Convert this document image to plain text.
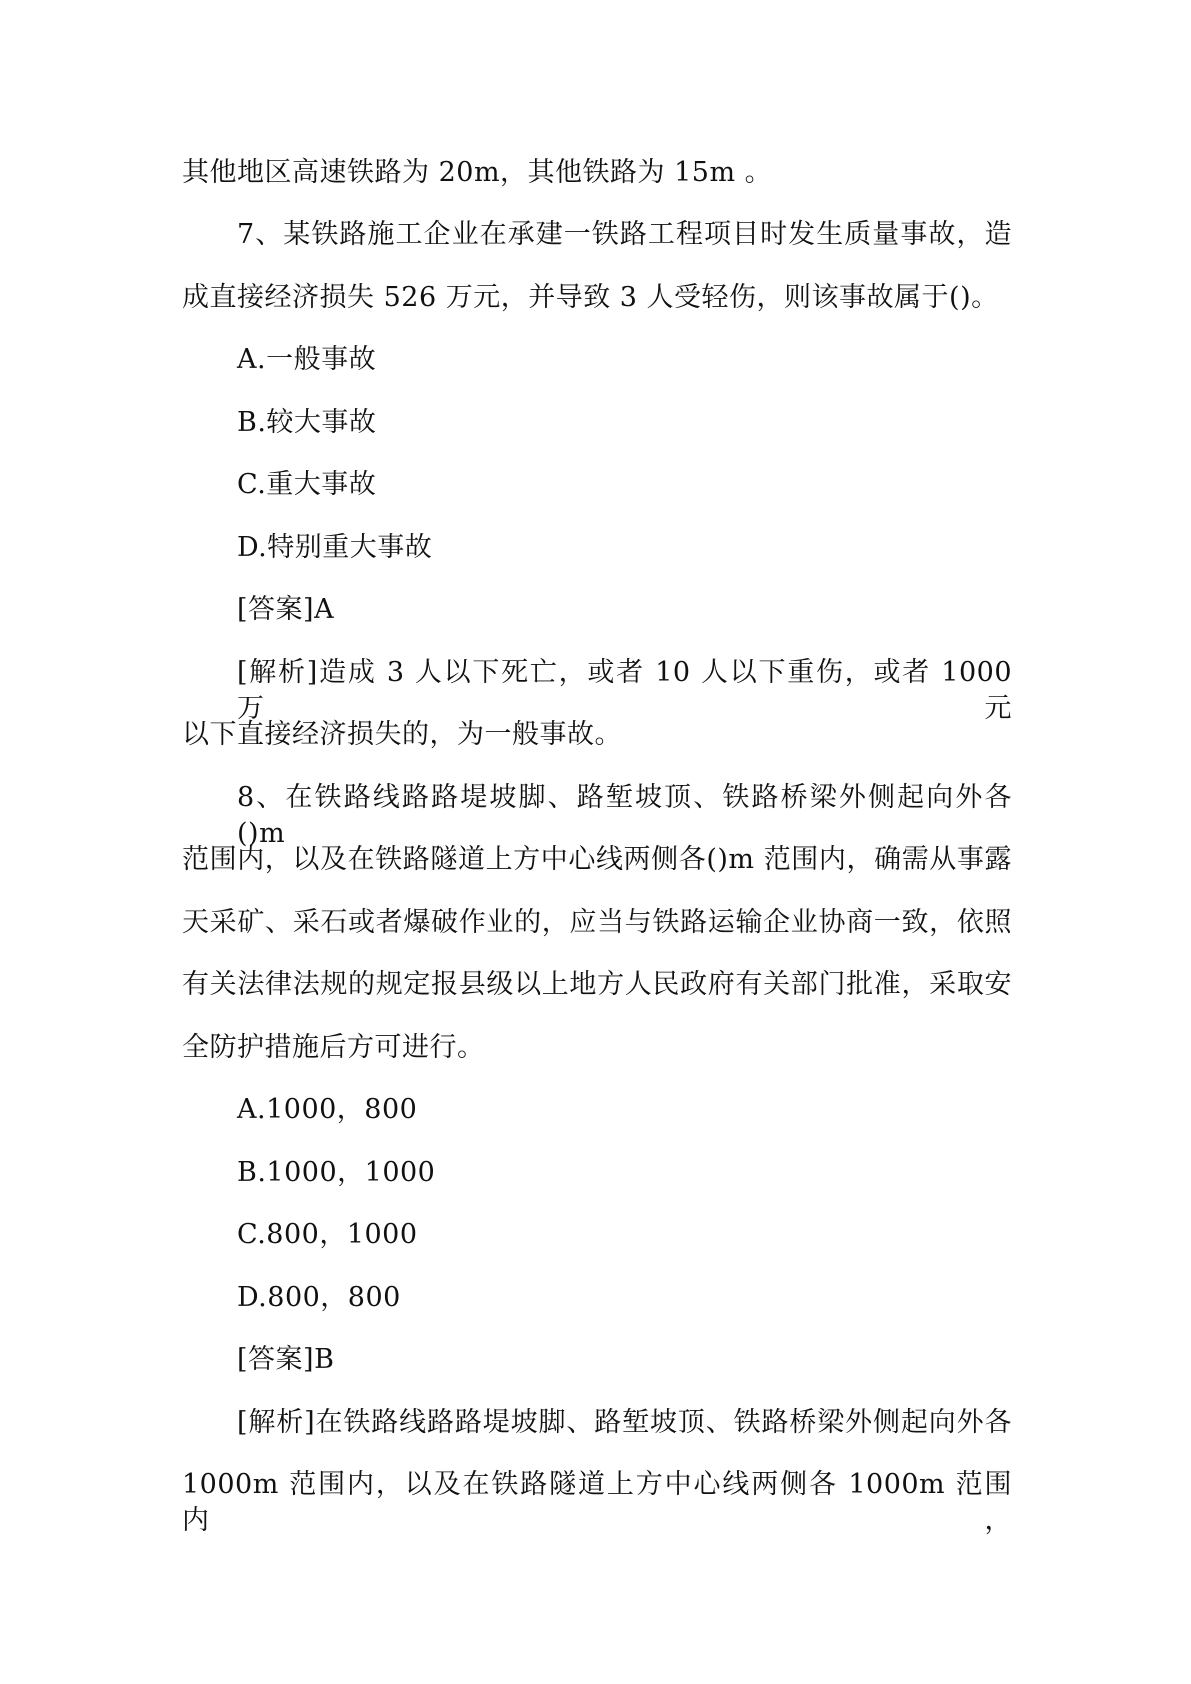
其他地区高速铁路为 20m，其他铁路为 15m 。
7、某铁路施工企业在承建一铁路工程项目时发生质量事故，造
成直接经济损失 526 万元，并导致 3 人受轻伤，则该事故属于()。
A.一般事故
B.较大事故
C.重大事故
D.特别重大事故
[答案]A
[解析]造成 3 人以下死亡，或者 10 人以下重伤，或者 1000 万元
以下直接经济损失的，为一般事故。
8、在铁路线路路堤坡脚、路堑坡顶、铁路桥梁外侧起向外各()m
范围内，以及在铁路隧道上方中心线两侧各()m 范围内，确需从事露
天采矿、采石或者爆破作业的，应当与铁路运输企业协商一致，依照
有关法律法规的规定报县级以上地方人民政府有关部门批准，采取安
全防护措施后方可进行。
A.1000，800
B.1000，1000
C.800，1000
D.800，800
[答案]B
[解析]在铁路线路路堤坡脚、路堑坡顶、铁路桥梁外侧起向外各
1000m 范围内，以及在铁路隧道上方中心线两侧各 1000m 范围内，
